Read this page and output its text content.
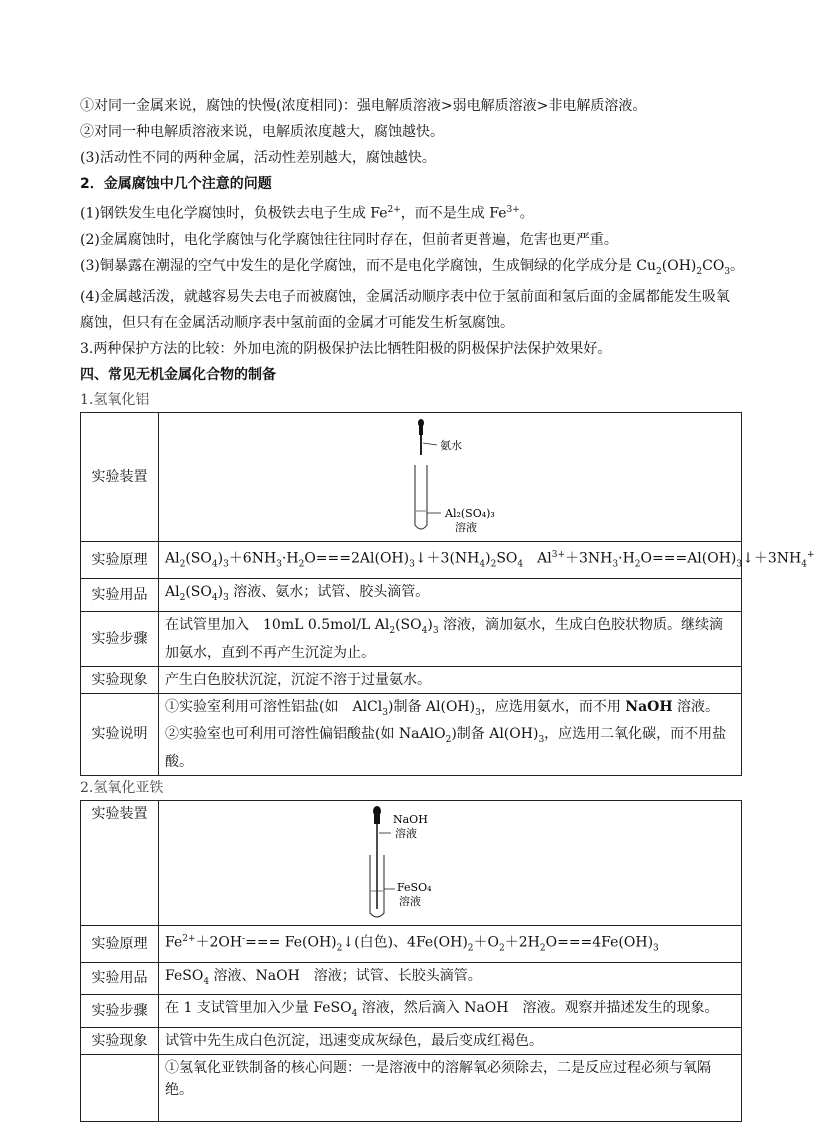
①对同一金属来说，腐蚀的快慢(浓度相同)：强电解质溶液>弱电解质溶液>非电解质溶液。
②对同一种电解质溶液来说，电解质浓度越大，腐蚀越快。
(3)活动性不同的两种金属，活动性差别越大，腐蚀越快。
2．金属腐蚀中几个注意的问题
(1)钢铁发生电化学腐蚀时，负极铁去电子生成 $Fe^{2+}$，而不是生成 $Fe^{3+}$。
(2)金属腐蚀时，电化学腐蚀与化学腐蚀往往同时存在，但前者更普遍，危害也更严重。
(3)铜暴露在潮湿的空气中发生的是化学腐蚀，而不是电化学腐蚀，生成铜绿的化学成分是 $Cu_2(OH)_2CO_3$。
(4)金属越活泼，就越容易失去电子而被腐蚀，金属活动顺序表中位于氢前面和氢后面的金属都能发生吸氧
腐蚀，但只有在金属活动顺序表中氢前面的金属才可能发生析氢腐蚀。
3.两种保护方法的比较：外加电流的阴极保护法比牺牲阳极的阴极保护法保护效果好。
四、常见无机金属化合物的制备
1.氢氧化铝
实验装置	氨水
Al₂(SO₄)₃
溶液

实验原理	$Al_2(SO_4)_3+6NH_3\cdot H_2O===2Al(OH)_3↓+3(NH_4)_2SO_4$　$Al^{3+}+3NH_3\cdot H_2O===Al(OH)_3↓+3NH_4^+$
实验用品	$Al_2(SO_4)_3$ 溶液、氨水；试管、胶头滴管。
实验步骤	在试管里加入　10mL 0.5mol/L $Al_2(SO_4)_3$ 溶液，滴加氨水，生成白色胶状物质。继续滴加氨水，直到不再产生沉淀为止。
实验现象	产生白色胶状沉淀，沉淀不溶于过量氨水。
实验说明	①实验室利用可溶性铝盐(如　AlCl$_3$)制备 $Al(OH)_3$，应选用氨水，而不用 NaOH 溶液。
②实验室也可利用可溶性偏铝酸盐(如 NaAlO$_2$)制备 $Al(OH)_3$，应选用二氧化碳，而不用盐酸。
2.氢氧化亚铁
实验装置	NaOH
溶液
FeSO₄
溶液

实验原理	$Fe^{2+}+2OH^-===$ $Fe(OH)_2↓$(白色)、$4Fe(OH)_2+O_2+2H_2O===4Fe(OH)_3$
实验用品	FeSO$_4$ 溶液、NaOH　溶液；试管、长胶头滴管。
实验步骤	在 1 支试管里加入少量 FeSO$_4$ 溶液，然后滴入 NaOH　溶液。观察并描述发生的现象。
实验现象	试管中先生成白色沉淀，迅速变成灰绿色，最后变成红褐色。
	①氢氧化亚铁制备的核心问题：一是溶液中的溶解氧必须除去，二是反应过程必须与氧隔绝。
